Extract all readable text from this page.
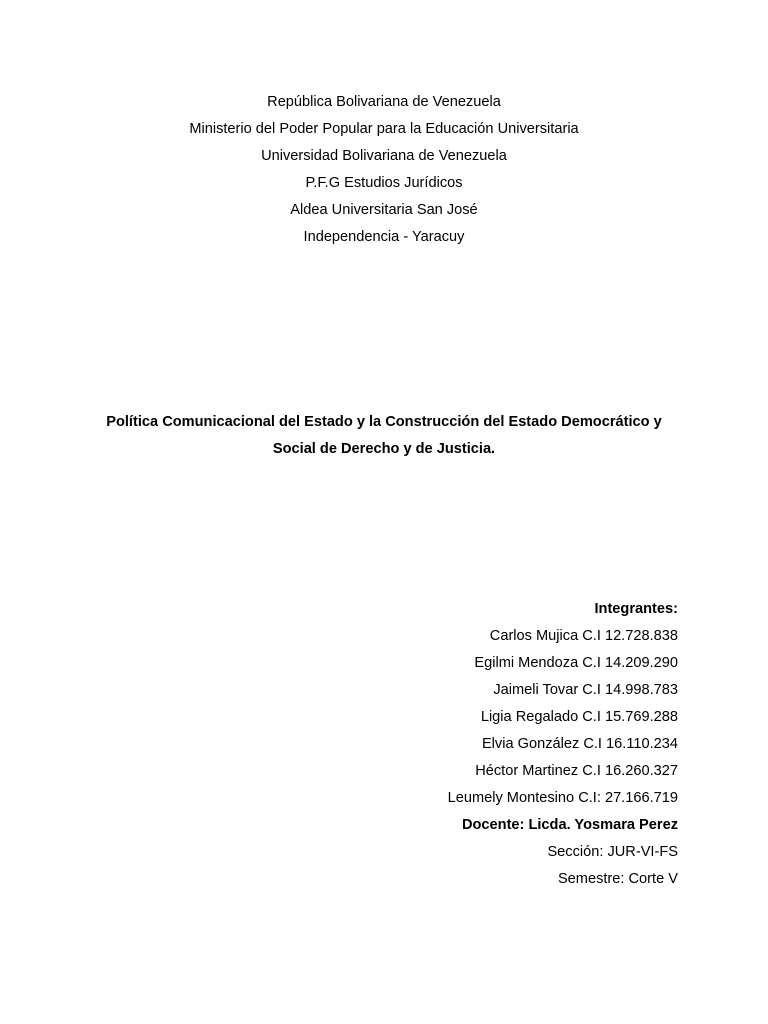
República Bolivariana de Venezuela
Ministerio del Poder Popular para la Educación Universitaria
Universidad Bolivariana de Venezuela
P.F.G Estudios Jurídicos
Aldea Universitaria San José
Independencia - Yaracuy
Política Comunicacional del Estado y la Construcción del Estado Democrático y
Social de Derecho y de Justicia.
Integrantes:
Carlos Mujica C.I 12.728.838
Egilmi Mendoza C.I 14.209.290
Jaimeli Tovar C.I 14.998.783
Ligia Regalado C.I 15.769.288
Elvia González C.I 16.110.234
Héctor Martinez C.I 16.260.327
Leumely Montesino C.I: 27.166.719
Docente: Licda. Yosmara Perez
Sección: JUR-VI-FS
Semestre: Corte V
